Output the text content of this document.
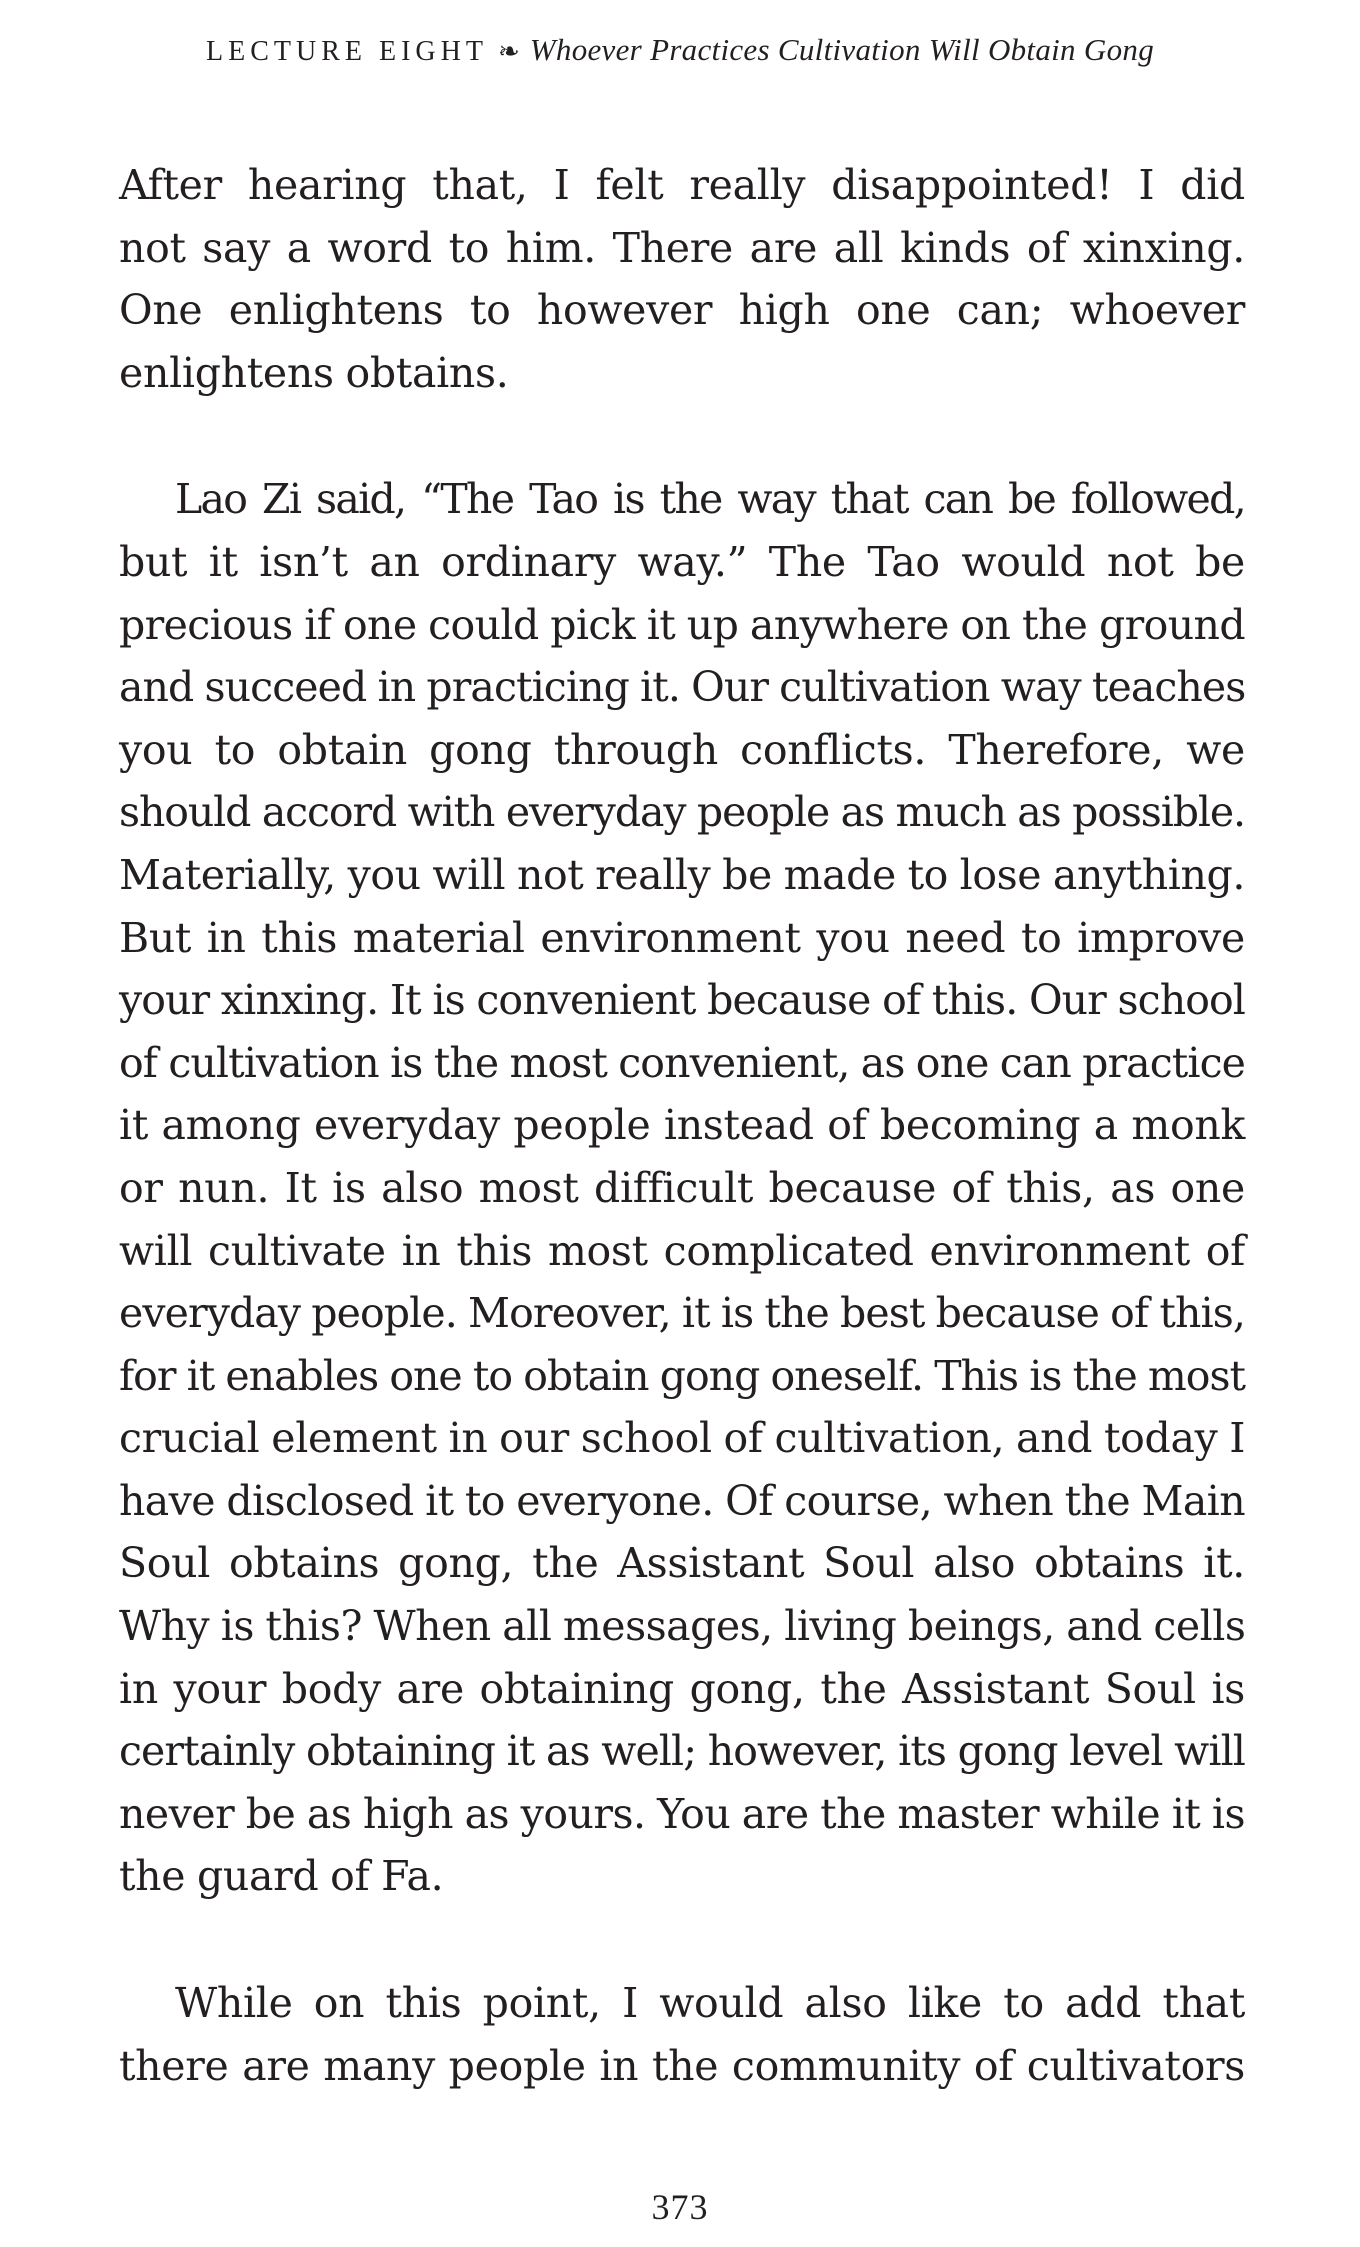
LECTURE EIGHT ❧ Whoever Practices Cultivation Will Obtain Gong
After hearing that, I felt really disappointed! I did
not say a word to him. There are all kinds of xinxing.
One enlightens to however high one can; whoever
enlightens obtains.
Lao Zi said, “The Tao is the way that can be followed,
but it isn’t an ordinary way.” The Tao would not be
precious if one could pick it up anywhere on the ground
and succeed in practicing it. Our cultivation way teaches
you to obtain gong through conflicts. Therefore, we
should accord with everyday people as much as possible.
Materially, you will not really be made to lose anything.
But in this material environment you need to improve
your xinxing. It is convenient because of this. Our school
of cultivation is the most convenient, as one can practice
it among everyday people instead of becoming a monk
or nun. It is also most difficult because of this, as one
will cultivate in this most complicated environment of
everyday people. Moreover, it is the best because of this,
for it enables one to obtain gong oneself. This is the most
crucial element in our school of cultivation, and today I
have disclosed it to everyone. Of course, when the Main
Soul obtains gong, the Assistant Soul also obtains it.
Why is this? When all messages, living beings, and cells
in your body are obtaining gong, the Assistant Soul is
certainly obtaining it as well; however, its gong level will
never be as high as yours. You are the master while it is
the guard of Fa.
While on this point, I would also like to add that
there are many people in the community of cultivators
373
